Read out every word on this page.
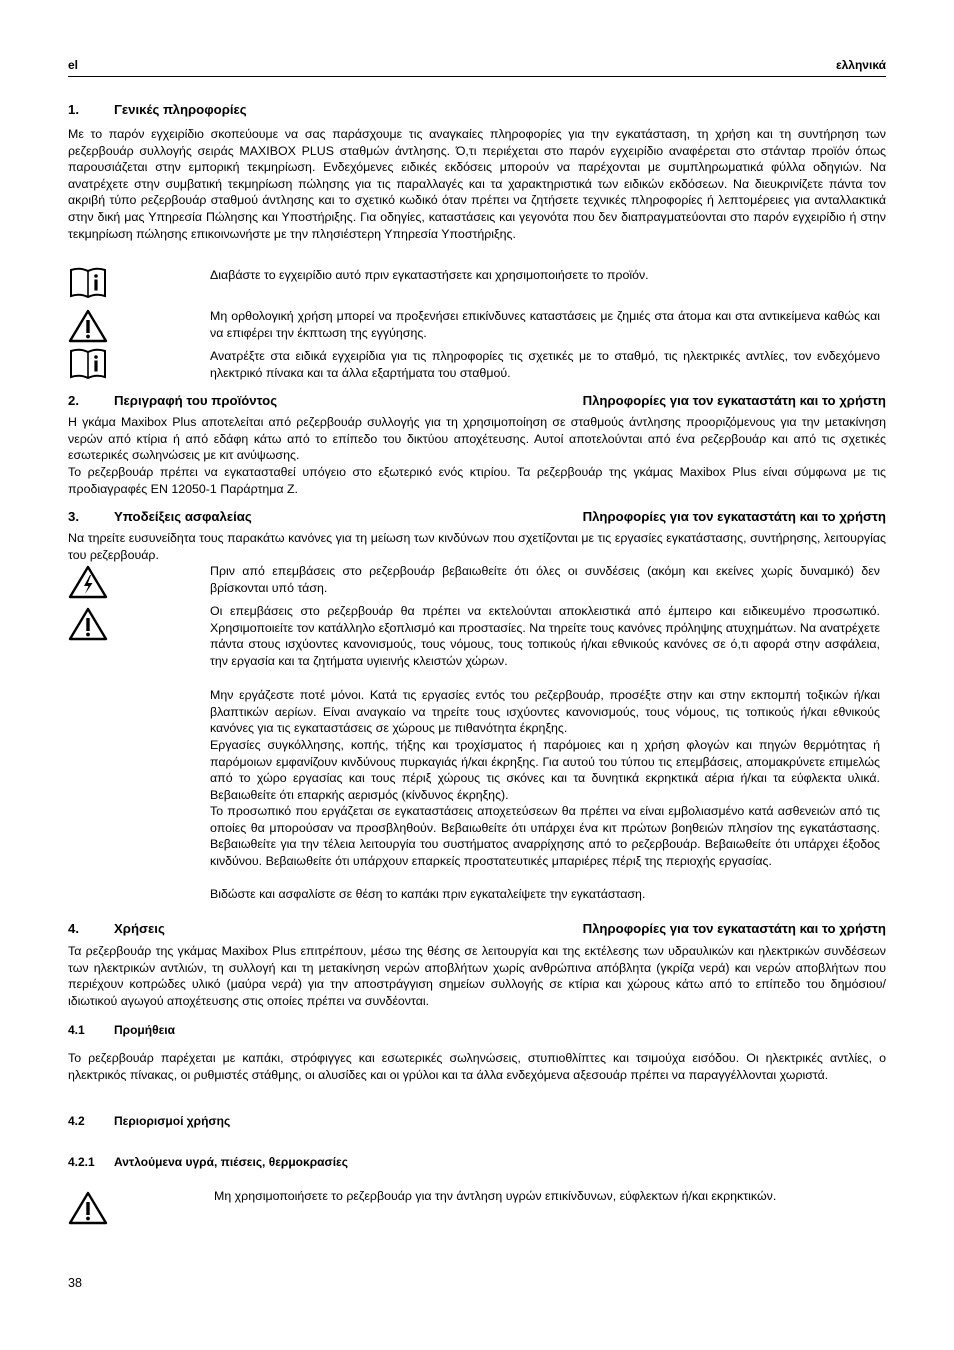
el	ελληνικά
1.	Γενικές πληροφορίες

Με το παρόν εγχειρίδιο σκοπεύουμε να σας παράσχουμε τις αναγκαίες πληροφορίες για την εγκατάσταση, τη χρήση και τη συντήρηση των ρεζερβουάρ συλλογής σειράς MAXIBOX PLUS σταθμών άντλησης. Ό,τι περιέχεται στο παρόν εγχειρίδιο αναφέρεται στο στάνταρ προϊόν όπως παρουσιάζεται στην εμπορική τεκμηρίωση. Ενδεχόμενες ειδικές εκδόσεις μπορούν να παρέχονται με συμπληρωματικά φύλλα οδηγιών. Να ανατρέχετε στην συμβατική τεκμηρίωση πώλησης για τις παραλλαγές και τα χαρακτηριστικά των ειδικών εκδόσεων. Να διευκρινίζετε πάντα τον ακριβή τύπο ρεζερβουάρ σταθμού άντλησης και το σχετικό κωδικό όταν πρέπει να ζητήσετε τεχνικές πληροφορίες ή λεπτομέρειες για ανταλλακτικά στην δική μας Υπηρεσία Πώλησης και Υποστήριξης. Για οδηγίες, καταστάσεις και γεγονότα που δεν διαπραγματεύονται στο παρόν εγχειρίδιο ή στην τεκμηρίωση πώλησης επικοινωνήστε με την πλησιέστερη Υπηρεσία Υποστήριξης.

Διαβάστε το εγχειρίδιο αυτό πριν εγκαταστήσετε και χρησιμοποιήσετε το προϊόν.

Μη ορθολογική χρήση μπορεί να προξενήσει επικίνδυνες καταστάσεις με ζημιές στα άτομα και στα αντικείμενα καθώς και να επιφέρει την έκπτωση της εγγύησης.

Ανατρέξτε στα ειδικά εγχειρίδια για τις πληροφορίες τις σχετικές με το σταθμό, τις ηλεκτρικές αντλίες, τον ενδεχόμενο ηλεκτρικό πίνακα και τα άλλα εξαρτήματα του σταθμού.

2.	Περιγραφή του προϊόντος	Πληροφορίες για τον εγκαταστάτη και το χρήστη

Η γκάμα Maxibox Plus αποτελείται από ρεζερβουάρ συλλογής για τη χρησιμοποίηση σε σταθμούς άντλησης προοριζόμενους για την μετακίνηση νερών από κτίρια ή από εδάφη κάτω από το επίπεδο του δικτύου αποχέτευσης. Αυτοί αποτελούνται από ένα ρεζερβουάρ και από τις σχετικές εσωτερικές σωληνώσεις με κιτ ανύψωσης.

Το ρεζερβουάρ πρέπει να εγκατασταθεί υπόγειο στο εξωτερικό ενός κτιρίου. Τα ρεζερβουάρ της γκάμας Maxibox Plus είναι σύμφωνα με τις προδιαγραφές EN 12050-1 Παράρτημα Z.

3.	Υποδείξεις ασφαλείας	Πληροφορίες για τον εγκαταστάτη και το χρήστη

Να τηρείτε ευσυνείδητα τους παρακάτω κανόνες για τη μείωση των κινδύνων που σχετίζονται με τις εργασίες εγκατάστασης, συντήρησης, λειτουργίας του ρεζερβουάρ.

Πριν από επεμβάσεις στο ρεζερβουάρ βεβαιωθείτε ότι όλες οι συνδέσεις (ακόμη και εκείνες χωρίς δυναμικό) δεν βρίσκονται υπό τάση.

Οι επεμβάσεις στο ρεζερβουάρ θα πρέπει να εκτελούνται αποκλειστικά από έμπειρο και ειδικευμένο προσωπικό. Χρησιμοποιείτε τον κατάλληλο εξοπλισμό και προστασίες. Να τηρείτε τους κανόνες πρόληψης ατυχημάτων. Να ανατρέχετε πάντα στους ισχύοντες κανονισμούς, τους νόμους, τους τοπικούς ή/και εθνικούς κανόνες σε ό,τι αφορά στην ασφάλεια, την εργασία και τα ζητήματα υγιεινής κλειστών χώρων.

Μην εργάζεστε ποτέ μόνοι. Κατά τις εργασίες εντός του ρεζερβουάρ, προσέξτε στην και στην εκπομπή τοξικών ή/και βλαπτικών αερίων. Είναι αναγκαίο να τηρείτε τους ισχύοντες κανονισμούς, τους νόμους, τις τοπικούς ή/και εθνικούς κανόνες για τις εγκαταστάσεις σε χώρους με πιθανότητα έκρηξης.

Εργασίες συγκόλλησης, κοπής, τήξης και τροχίσματος ή παρόμοιες και η χρήση φλογών και πηγών θερμότητας ή παρόμοιων εμφανίζουν κινδύνους πυρκαγιάς ή/και έκρηξης. Για αυτού του τύπου τις επεμβάσεις, απομακρύνετε επιμελώς από το χώρο εργασίας και τους πέριξ χώρους τις σκόνες και τα δυνητικά εκρηκτικά αέρια ή/και τα εύφλεκτα υλικά. Βεβαιωθείτε ότι επαρκής αερισμός (κίνδυνος έκρηξης).

Το προσωπικό που εργάζεται σε εγκαταστάσεις αποχετεύσεων θα πρέπει να είναι εμβολιασμένο κατά ασθενειών από τις οποίες θα μπορούσαν να προσβληθούν. Βεβαιωθείτε ότι υπάρχει ένα κιτ πρώτων βοηθειών πλησίον της εγκατάστασης. Βεβαιωθείτε για την τέλεια λειτουργία του συστήματος αναρρίχησης από το ρεζερβουάρ. Βεβαιωθείτε ότι υπάρχει έξοδος κινδύνου. Βεβαιωθείτε ότι υπάρχουν επαρκείς προστατευτικές μπαριέρες πέριξ της περιοχής εργασίας.

Βιδώστε και ασφαλίστε σε θέση το καπάκι πριν εγκαταλείψετε την εγκατάσταση.

4.	Χρήσεις	Πληροφορίες για τον εγκαταστάτη και το χρήστη

Τα ρεζερβουάρ της γκάμας Maxibox Plus επιτρέπουν, μέσω της θέσης σε λειτουργία και της εκτέλεσης των υδραυλικών και ηλεκτρικών συνδέσεων των ηλεκτρικών αντλιών, τη συλλογή και τη μετακίνηση νερών αποβλήτων χωρίς ανθρώπινα απόβλητα (γκρίζα νερά) και νερών αποβλήτων που περιέχουν κοπρώδες υλικό (μαύρα νερά) για την αποστράγγιση σημείων συλλογής σε κτίρια και χώρους κάτω από το επίπεδο του δημόσιου/ιδιωτικού αγωγού αποχέτευσης στις οποίες πρέπει να συνδέονται.

4.1 Προμήθεια

Το ρεζερβουάρ παρέχεται με καπάκι, στρόφιγγες και εσωτερικές σωληνώσεις, στυπιοθλίπτες και τσιμούχα εισόδου. Οι ηλεκτρικές αντλίες, ο ηλεκτρικός πίνακας, οι ρυθμιστές στάθμης, οι αλυσίδες και οι γρύλοι και τα άλλα ενδεχόμενα αξεσουάρ πρέπει να παραγγέλλονται χωριστά.

4.2 Περιορισμοί χρήσης
4.2.1 Αντλούμενα υγρά, πιέσεις, θερμοκρασίες

Μη χρησιμοποιήσετε το ρεζερβουάρ για την άντληση υγρών επικίνδυνων, εύφλεκτων ή/και εκρηκτικών.

38
